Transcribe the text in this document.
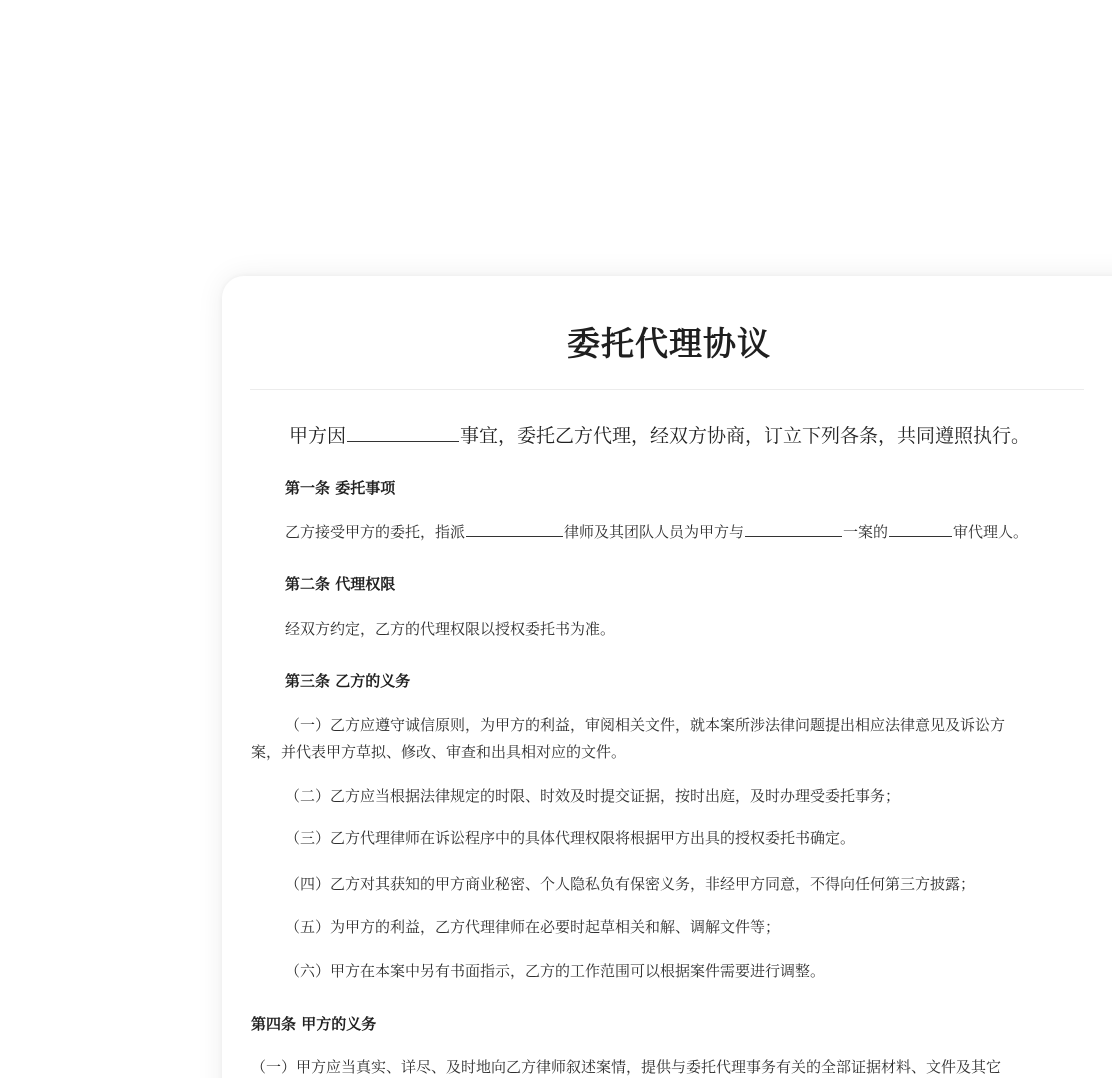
委托代理协议
甲方因	事宜，委托乙方代理，经双方协商，订立下列各条，共同遵照执行。
第一条 委托事项
乙方接受甲方的委托，指派	律师及其团队人员为甲方与	一案的	审代理人。
第二条 代理权限
经双方约定，乙方的代理权限以授权委托书为准。
第三条 乙方的义务
（一）乙方应遵守诚信原则，为甲方的利益，审阅相关文件，就本案所涉法律问题提出相应法律意见及诉讼方
案，并代表甲方草拟、修改、审查和出具相对应的文件。
（二）乙方应当根据法律规定的时限、时效及时提交证据，按时出庭，及时办理受委托事务；
（三）乙方代理律师在诉讼程序中的具体代理权限将根据甲方出具的授权委托书确定。
（四）乙方对其获知的甲方商业秘密、个人隐私负有保密义务，非经甲方同意，不得向任何第三方披露；
（五）为甲方的利益，乙方代理律师在必要时起草相关和解、调解文件等；
（六）甲方在本案中另有书面指示，乙方的工作范围可以根据案件需要进行调整。
第四条 甲方的义务
（一）甲方应当真实、详尽、及时地向乙方律师叙述案情，提供与委托代理事务有关的全部证据材料、文件及其它
